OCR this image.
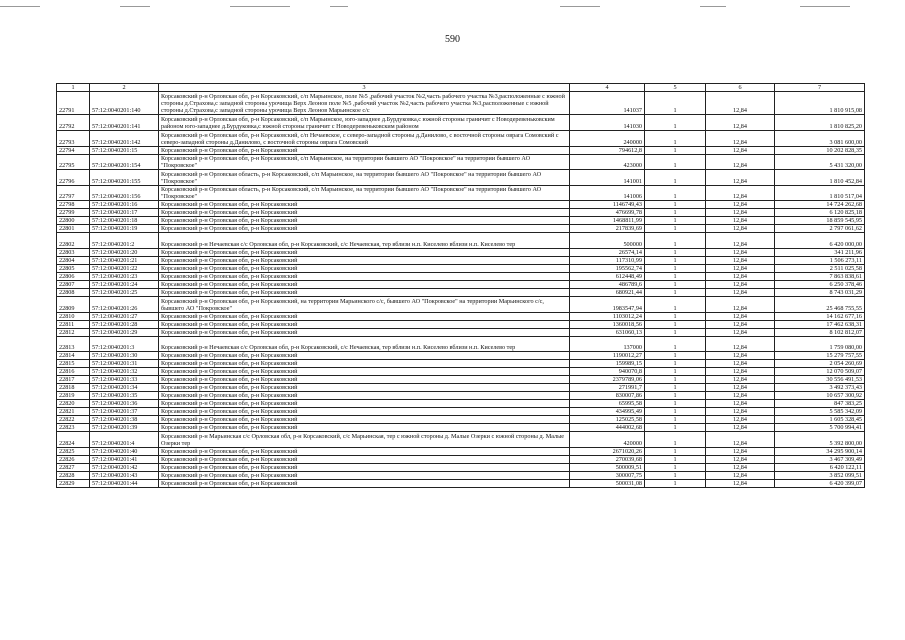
590
1	2	3	4	5	6	7
22791	57:12:0040201:140	Корсаковский р-н Орловская обл, р-н Корсаковский, с/п Марьинское, поле №5 ,рабочий участок №2,часть рабочего участка №3,расположенные с южной стороны д.Страхова,с западной стороны урочища Верх Леонов поле №5 ,рабочий участок №2,часть рабочего участка №3,расположенные с южной стороны д.Страхова,с западной стороны урочища Верх Леонов Марьинское с/с	141037	1	12,84	1 810 915,08
22792	57:12:0040201:141	Корсаковский р-н Орловская обл, р-н Корсаковский, с/п Марьинское, юго-западнее д.Бурдуковка,с южной стороны граничит с Новодеревеньковским районом юго-западнее д.Бурдуковка,с южной стороны граничит с Новодеревеньковским районом	141030	1	12,84	1 810 825,20
22793	57:12:0040201:142	Корсаковский р-н Орловская обл, р-н Корсаковский, с/п Нечаевское, с северо-западной стороны д.Данилово, с восточной стороны оврага Сомовский с северо-западной стороны д.Данилово, с восточной стороны оврага Сомовский	240000	1	12,84	3 081 600,00
22794	57:12:0040201:15	Корсаковский р-н Орловская обл, р-н Корсаковский	794612,8	1	12,84	10 202 828,35
22795	57:12:0040201:154	Корсаковский р-н Орловская обл, р-н Корсаковский, с/п Марьинское, на территории бывшего АО "Покровское" на территории бывшего АО "Покровское"	423000	1	12,84	5 431 320,00
22796	57:12:0040201:155	Корсаковский р-н Орловская область, р-н Корсаковский, с/п Марьинское, на территории бывшего АО "Покровское" на территории бывшего АО "Покровское"	141001	1	12,84	1 810 452,84
22797	57:12:0040201:156	Корсаковский р-н Орловская область, р-н Корсаковский, с/п Марьинское, на территории бывшего АО "Покровское" на территории бывшего АО "Покровское"	141006	1	12,84	1 810 517,04
22798	57:12:0040201:16	Корсаковский р-н Орловская обл, р-н Корсаковский	1146749,43	1	12,84	14 724 262,68
22799	57:12:0040201:17	Корсаковский р-н Орловская обл, р-н Корсаковский	476699,78	1	12,84	6 120 825,18
22800	57:12:0040201:18	Корсаковский р-н Орловская обл, р-н Корсаковский	1468811,99	1	12,84	18 859 545,95
22801	57:12:0040201:19	Корсаковский р-н Орловская обл, р-н Корсаковский	217839,69	1	12,84	2 797 061,62
22802	57:12:0040201:2	Корсаковский р-н Нечаевская с/с Орловская обл, р-н Корсаковский, с/с Нечаевская, тер вблизи н.п. Киселево вблизи н.п. Киселево тер	500000	1	12,84	6 420 000,00
22803	57:12:0040201:20	Корсаковский р-н Орловская обл, р-н Корсаковский	26574,14	1	12,84	341 211,96
22804	57:12:0040201:21	Корсаковский р-н Орловская обл, р-н Корсаковский	117310,99	1	12,84	1 506 273,11
22805	57:12:0040201:22	Корсаковский р-н Орловская обл, р-н Корсаковский	195562,74	1	12,84	2 511 025,58
22806	57:12:0040201:23	Корсаковский р-н Орловская обл, р-н Корсаковский	612448,49	1	12,84	7 863 838,61
22807	57:12:0040201:24	Корсаковский р-н Орловская обл, р-н Корсаковский	486789,6	1	12,84	6 250 378,46
22808	57:12:0040201:25	Корсаковский р-н Орловская обл, р-н Корсаковский	680921,44	1	12,84	8 743 031,29
22809	57:12:0040201:26	Корсаковский р-н Орловская обл, р-н Корсаковский, на территории Марьинского с/с, бывшего АО "Покровское" на территории Марьинского с/с, бывшего АО "Покровское"	1983547,94	1	12,84	25 468 755,55
22810	57:12:0040201:27	Корсаковский р-н Орловская обл, р-н Корсаковский	1103012,24	1	12,84	14 162 677,16
22811	57:12:0040201:28	Корсаковский р-н Орловская обл, р-н Корсаковский	1360018,56	1	12,84	17 462 638,31
22812	57:12:0040201:29	Корсаковский р-н Орловская обл, р-н Корсаковский	631060,13	1	12,84	8 102 812,07
22813	57:12:0040201:3	Корсаковский р-н Нечаевская с/с Орловская обл, р-н Корсаковский, с/с Нечаевская, тер вблизи н.п. Киселево вблизи н.п. Киселево тер	137000	1	12,84	1 759 080,00
22814	57:12:0040201:30	Корсаковский р-н Орловская обл, р-н Корсаковский	1190012,27	1	12,84	15 279 757,55
22815	57:12:0040201:31	Корсаковский р-н Орловская обл, р-н Корсаковский	159989,15	1	12,84	2 054 260,69
22816	57:12:0040201:32	Корсаковский р-н Орловская обл, р-н Корсаковский	940070,8	1	12,84	12 070 509,07
22817	57:12:0040201:33	Корсаковский р-н Орловская обл, р-н Корсаковский	2379789,06	1	12,84	30 556 491,53
22818	57:12:0040201:34	Корсаковский р-н Орловская обл, р-н Корсаковский	271991,7	1	12,84	3 492 373,43
22819	57:12:0040201:35	Корсаковский р-н Орловская обл, р-н Корсаковский	830007,86	1	12,84	10 657 300,92
22820	57:12:0040201:36	Корсаковский р-н Орловская обл, р-н Корсаковский	65995,58	1	12,84	847 383,25
22821	57:12:0040201:37	Корсаковский р-н Орловская обл, р-н Корсаковский	434995,49	1	12,84	5 585 342,09
22822	57:12:0040201:38	Корсаковский р-н Орловская обл, р-н Корсаковский	125025,58	1	12,84	1 605 328,45
22823	57:12:0040201:39	Корсаковский р-н Орловская обл, р-н Корсаковский	444002,68	1	12,84	5 700 994,41
22824	57:12:0040201:4	Корсаковский р-н Марьинская с/с Орловская обл, р-н Корсаковский, с/с Марьинская, тер с южной стороны д. Малые Озерки с южной стороны д. Малые Озерки тер	420000	1	12,84	5 392 800,00
22825	57:12:0040201:40	Корсаковский р-н Орловская обл, р-н Корсаковский	2671020,26	1	12,84	34 295 900,14
22826	57:12:0040201:41	Корсаковский р-н Орловская обл, р-н Корсаковский	270039,68	1	12,84	3 467 309,49
22827	57:12:0040201:42	Корсаковский р-н Орловская обл, р-н Корсаковский	500009,51	1	12,84	6 420 122,11
22828	57:12:0040201:43	Корсаковский р-н Орловская обл, р-н Корсаковский	300007,75	1	12,84	3 852 099,51
22829	57:12:0040201:44	Корсаковский р-н Орловская обл, р-н Корсаковский	500031,08	1	12,84	6 420 399,07
